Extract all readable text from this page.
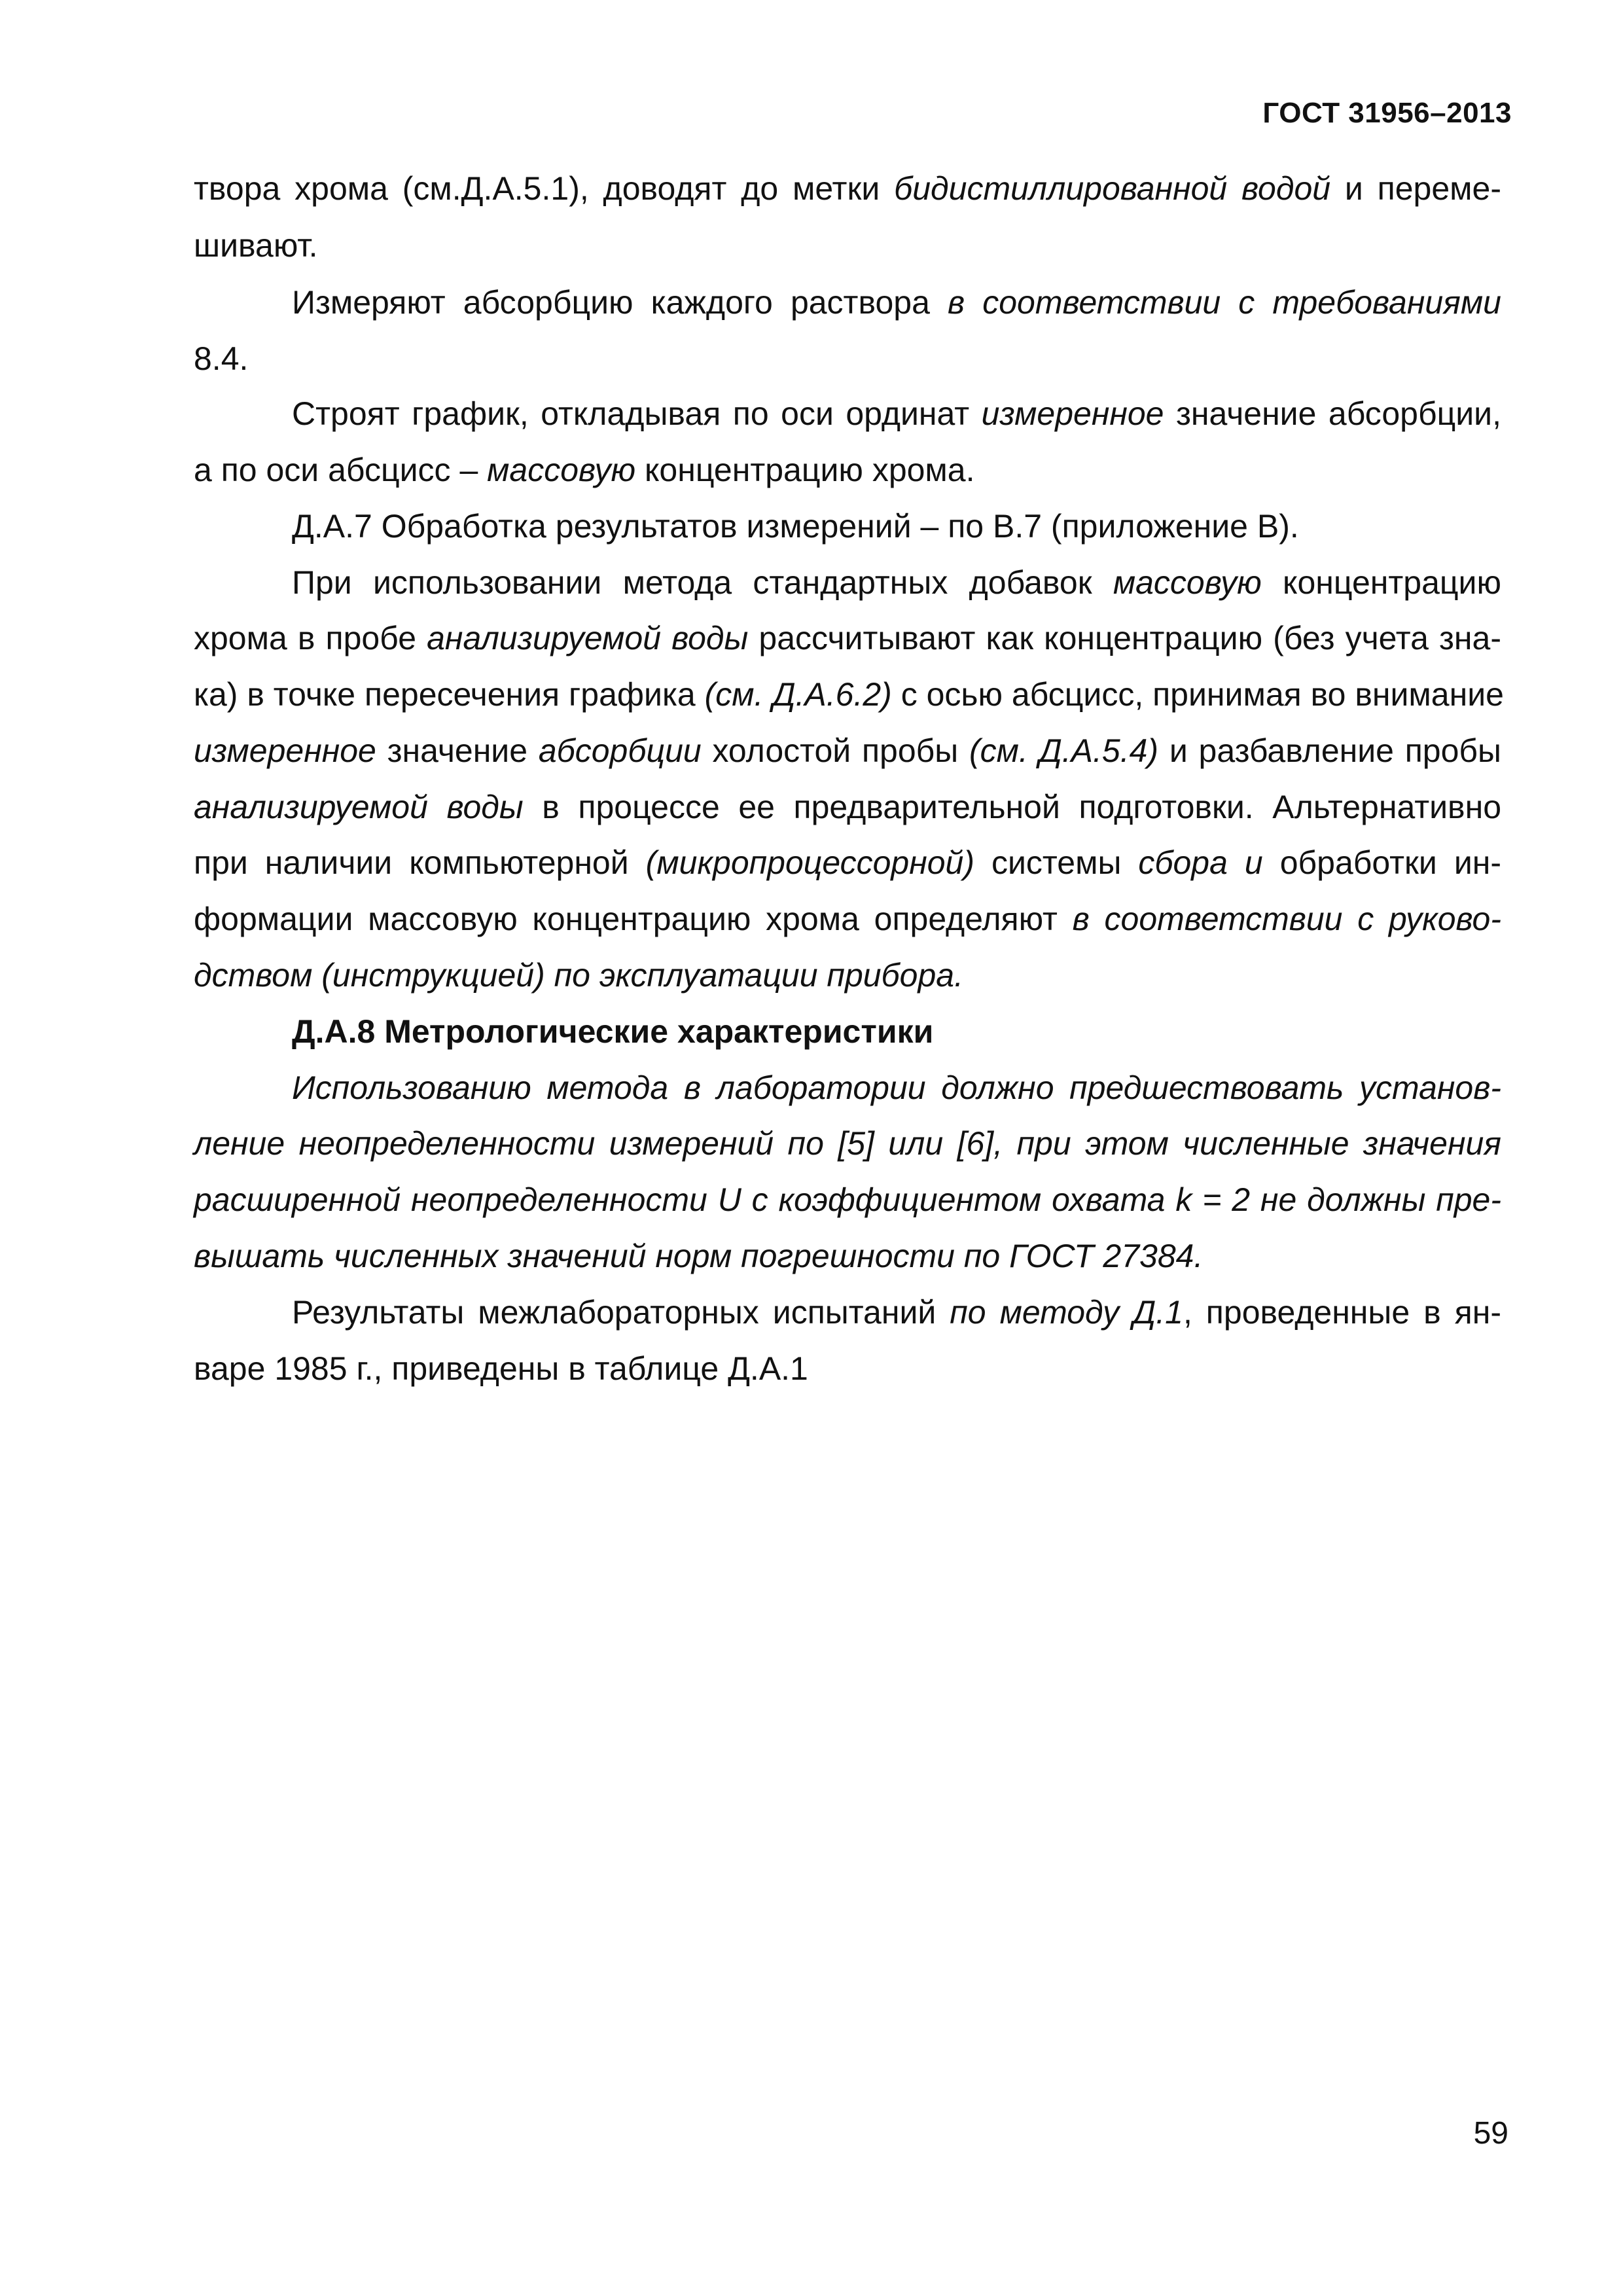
ГОСТ 31956–2013
твора хрома (см.Д.А.5.1), доводят до метки бидистиллированной водой и переме-
шивают.
Измеряют абсорбцию каждого раствора в соответствии с требованиями
8.4.
Строят график, откладывая по оси ординат измеренное значение абсорбции,
а по оси абсцисс – массовую концентрацию хрома.
Д.А.7 Обработка результатов измерений – по В.7 (приложение В).
При использовании метода стандартных добавок массовую концентрацию
хрома в пробе анализируемой воды рассчитывают как концентрацию (без учета зна-
ка) в точке пересечения графика (см. Д.А.6.2) с осью абсцисс, принимая во внимание
измеренное значение абсорбции холостой пробы (см. Д.А.5.4) и разбавление пробы
анализируемой воды в процессе ее предварительной подготовки. Альтернативно
при наличии компьютерной (микропроцессорной) системы сбора и обработки ин-
формации массовую концентрацию хрома определяют в соответствии с руково-
дством (инструкцией) по эксплуатации прибора.
Д.А.8 Метрологические характеристики
Использованию метода в лаборатории должно предшествовать установ-
ление неопределенности измерений по [5] или [6], при этом численные значения
расширенной неопределенности U с коэффициентом охвата k = 2 не должны пре-
вышать численных значений норм погрешности по ГОСТ 27384.
Результаты межлабораторных испытаний по методу Д.1, проведенные в ян-
варе 1985 г., приведены в таблице Д.А.1
59
